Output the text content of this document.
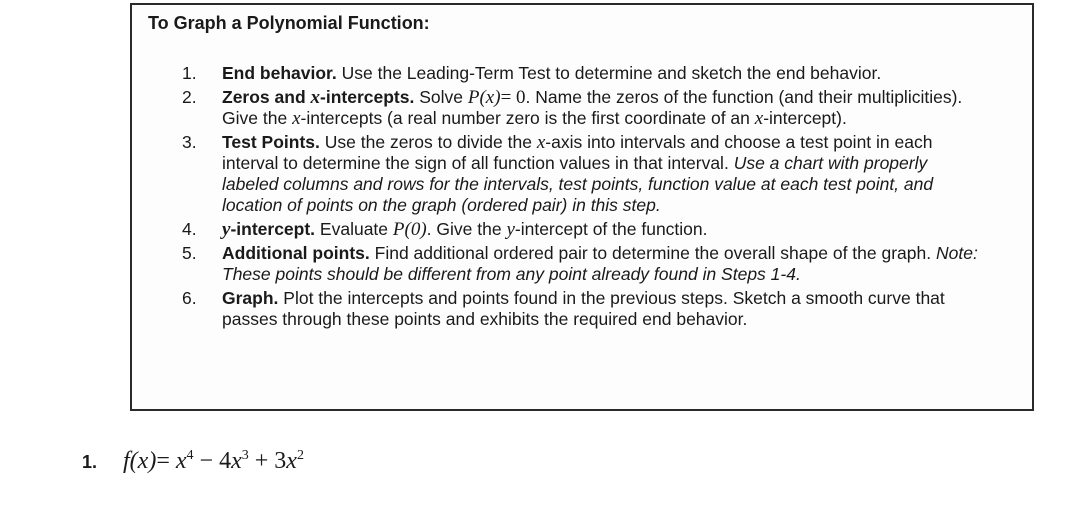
To Graph a Polynomial Function:

1. End behavior. Use the Leading-Term Test to determine and sketch the end behavior.
2. Zeros and x-intercepts. Solve P(x)= 0. Name the zeros of the function (and their multiplicities). Give the x-intercepts (a real number zero is the first coordinate of an x-intercept).
3. Test Points. Use the zeros to divide the x-axis into intervals and choose a test point in each interval to determine the sign of all function values in that interval. Use a chart with properly labeled columns and rows for the intervals, test points, function value at each test point, and location of points on the graph (ordered pair) in this step.
4. y-intercept. Evaluate P(0). Give the y-intercept of the function.
5. Additional points. Find additional ordered pair to determine the overall shape of the graph. Note: These points should be different from any point already found in Steps 1-4.
6. Graph. Plot the intercepts and points found in the previous steps. Sketch a smooth curve that passes through these points and exhibits the required end behavior.
1. $f(x)= x^4 - 4x^3 + 3x^2$
